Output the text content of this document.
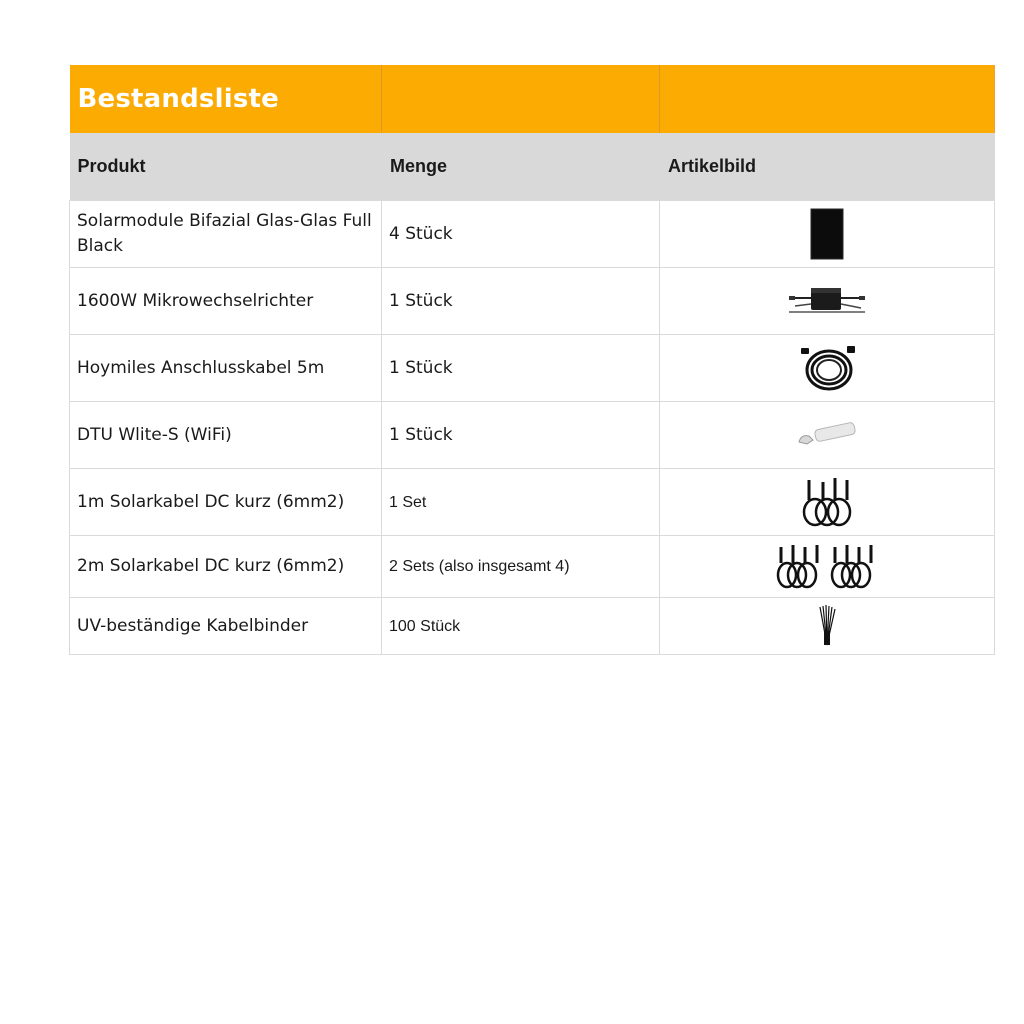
Bestandsliste		
Produkt	Menge	Artikelbild
Solarmodule Bifazial Glas-Glas Full Black	4 Stück	

1600W Mikrowechselrichter	1 Stück	

Hoymiles Anschlusskabel 5m	1 Stück	

DTU Wlite-S (WiFi)	1 Stück	

1m Solarkabel DC kurz (6mm2)	1 Set	

2m Solarkabel DC kurz (6mm2)	2 Sets (also insgesamt 4)	

UV-beständige Kabelbinder	100 Stück	
